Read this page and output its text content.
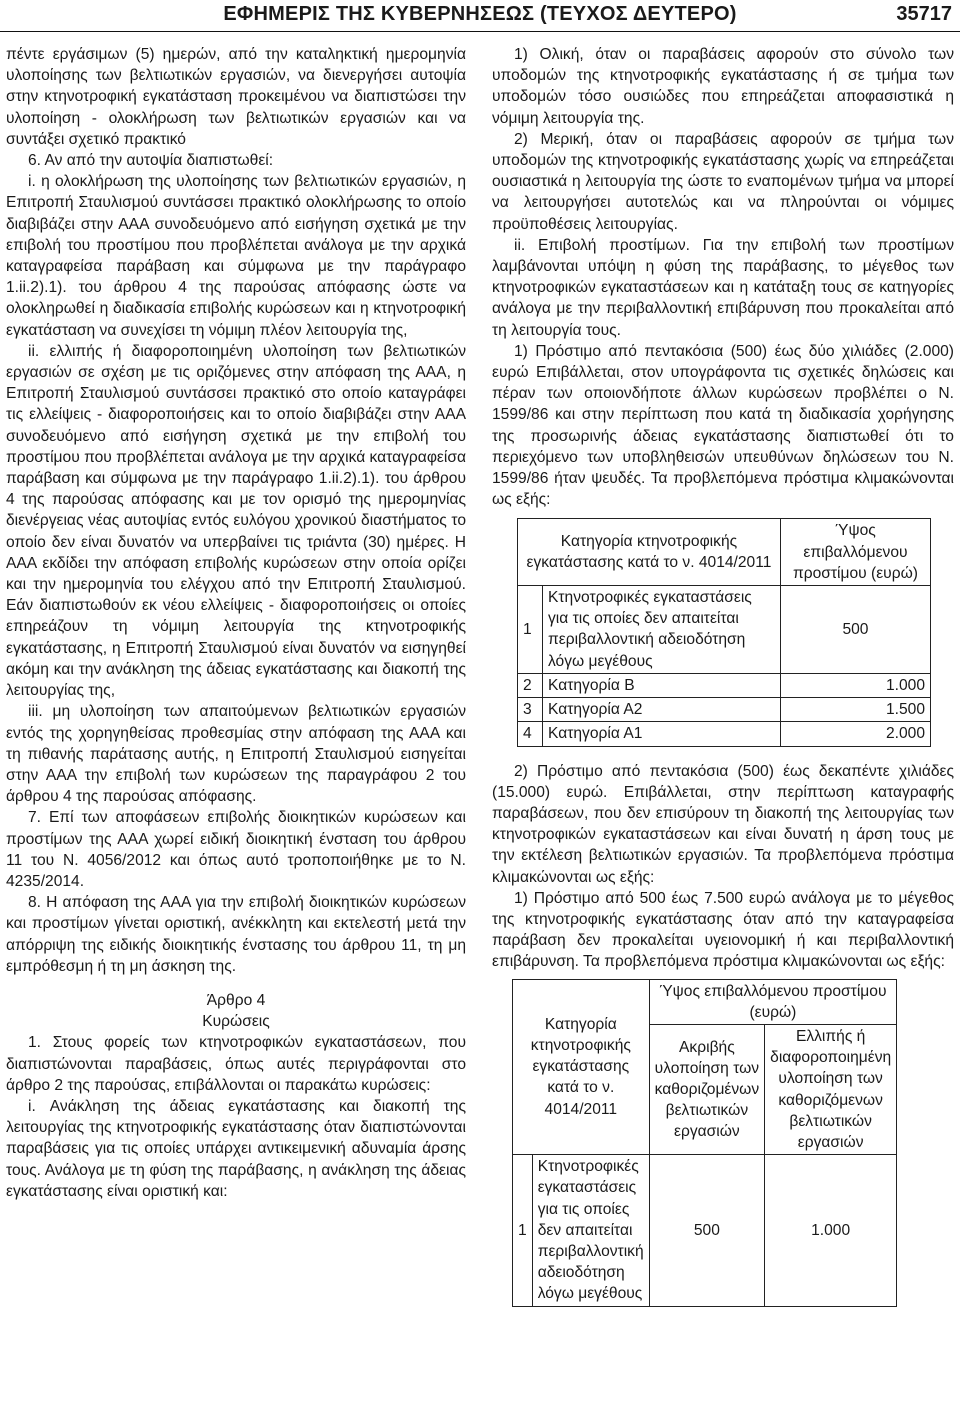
ΕΦΗΜΕΡΙΣ ΤΗΣ ΚΥΒΕΡΝΗΣΕΩΣ (ΤΕΥΧΟΣ ΔΕΥΤΕΡΟ)	35717

πέντε εργάσιμων (5) ημερών, από την καταληκτική ημερομηνία υλοποίησης των βελτιωτικών εργασιών, να διενεργήσει αυτοψία στην κτηνοτροφική εγκατάσταση προκειμένου να διαπιστώσει την υλοποίηση - ολοκλήρωση των βελτιωτικών εργασιών και να συντάξει σχετικό πρακτικό

6. Αν από την αυτοψία διαπιστωθεί:

i. η ολοκλήρωση της υλοποίησης των βελτιωτικών εργασιών, η Επιτροπή Σταυλισμού συντάσσει πρακτικό ολοκλήρωσης το οποίο διαβιβάζει στην ΑΑΑ συνοδευόμενο από εισήγηση σχετικά με την επιβολή του προστίμου που προβλέπεται ανάλογα με την αρχικά καταγραφείσα παράβαση και σύμφωνα με την παράγραφο 1.ii.2).1). του άρθρου 4 της παρούσας απόφασης ώστε να ολοκληρωθεί η διαδικασία επιβολής κυρώσεων και η κτηνοτροφική εγκατάσταση να συνεχίσει τη νόμιμη πλέον λειτουργία της,

ii. ελλιπής ή διαφοροποιημένη υλοποίηση των βελτιωτικών εργασιών σε σχέση με τις οριζόμενες στην απόφαση της ΑΑΑ, η Επιτροπή Σταυλισμού συντάσσει πρακτικό στο οποίο καταγράφει τις ελλείψεις - διαφοροποιήσεις και το οποίο διαβιβάζει στην ΑΑΑ συνοδευόμενο από εισήγηση σχετικά με την επιβολή του προστίμου που προβλέπεται ανάλογα με την αρχικά καταγραφείσα παράβαση και σύμφωνα με την παράγραφο 1.ii.2).1). του άρθρου 4 της παρούσας απόφασης και με τον ορισμό της ημερομηνίας διενέργειας νέας αυτοψίας εντός ευλόγου χρονικού διαστήματος το οποίο δεν είναι δυνατόν να υπερβαίνει τις τριάντα (30) ημέρες. Η ΑΑΑ εκδίδει την απόφαση επιβολής κυρώσεων στην οποία ορίζει και την ημερομηνία του ελέγχου από την Επιτροπή Σταυλισμού. Εάν διαπιστωθούν εκ νέου ελλείψεις - διαφοροποιήσεις οι οποίες επηρεάζουν τη νόμιμη λειτουργία της κτηνοτροφικής εγκατάστασης, η Επιτροπή Σταυλισμού είναι δυνατόν να εισηγηθεί ακόμη και την ανάκληση της άδειας εγκατάστασης και διακοπή της λειτουργίας της,

iii. μη υλοποίηση των απαιτούμενων βελτιωτικών εργασιών εντός της χορηγηθείσας προθεσμίας στην απόφαση της ΑΑΑ και τη πιθανής παράτασης αυτής, η Επιτροπή Σταυλισμού εισηγείται στην ΑΑΑ την επιβολή των κυρώσεων της παραγράφου 2 του άρθρου 4 της παρούσας απόφασης.

7. Επί των αποφάσεων επιβολής διοικητικών κυρώσεων και προστίμων της ΑΑΑ χωρεί ειδική διοικητική ένσταση του άρθρου 11 του Ν. 4056/2012 και όπως αυτό τροποποιήθηκε με το Ν. 4235/2014.

8. Η απόφαση της ΑΑΑ για την επιβολή διοικητικών κυρώσεων και προστίμων γίνεται οριστική, ανέκκλητη και εκτελεστή μετά την απόρριψη της ειδικής διοικητικής ένστασης του άρθρου 11, τη μη εμπρόθεσμη ή τη μη άσκηση της.

Άρθρο 4

Κυρώσεις

1. Στους φορείς των κτηνοτροφικών εγκαταστάσεων, που διαπιστώνονται παραβάσεις, όπως αυτές περιγράφονται στο άρθρο 2 της παρούσας, επιβάλλονται οι παρακάτω κυρώσεις:

i. Ανάκληση της άδειας εγκατάστασης και διακοπή της λειτουργίας της κτηνοτροφικής εγκατάστασης όταν διαπιστώνονται παραβάσεις για τις οποίες υπάρχει αντικειμενική αδυναμία άρσης τους. Ανάλογα με τη φύση της παράβασης, η ανάκληση της άδειας εγκατάστασης είναι οριστική και:

1) Ολική, όταν οι παραβάσεις αφορούν στο σύνολο των υποδομών της κτηνοτροφικής εγκατάστασης ή σε τμήμα των υποδομών τόσο ουσιώδες που επηρεάζεται αποφασιστικά η νόμιμη λειτουργία της.

2) Μερική, όταν οι παραβάσεις αφορούν σε τμήμα των υποδομών της κτηνοτροφικής εγκατάστασης χωρίς να επηρεάζεται ουσιαστικά η λειτουργία της ώστε το εναπομένων τμήμα να μπορεί να λειτουργήσει αυτοτελώς και να πληρούνται οι νόμιμες προϋποθέσεις λειτουργίας.

ii. Επιβολή προστίμων. Για την επιβολή των προστίμων λαμβάνονται υπόψη η φύση της παράβασης, το μέγεθος των κτηνοτροφικών εγκαταστάσεων και η κατάταξη τους σε κατηγορίες ανάλογα με την περιβαλλοντική επιβάρυνση που προκαλείται από τη λειτουργία τους.

1) Πρόστιμο από πεντακόσια (500) έως δύο χιλιάδες (2.000) ευρώ Επιβάλλεται, στον υπογράφοντα τις σχετικές δηλώσεις και πέραν των οποιονδήποτε άλλων κυρώσεων προβλέπει ο Ν. 1599/86 και στην περίπτωση που κατά τη διαδικασία χορήγησης της προσωρινής άδειας εγκατάστασης διαπιστωθεί ότι το περιεχόμενο των υποβληθεισών υπευθύνων δηλώσεων του Ν. 1599/86 ήταν ψευδές. Τα προβλεπόμενα πρόστιμα κλιμακώνονται ως εξής:

Κατηγορία κτηνοτροφικής εγκατάστασης κατά το ν. 4014/2011		Ύψος επιβαλλόμενου προστίμου (ευρώ)
1	Κτηνοτροφικές εγκαταστάσεις για τις οποίες δεν απαιτείται περιβαλλοντική αδειοδότηση λόγω μεγέθους	500
2	Κατηγορία Β	1.000
3	Κατηγορία Α2	1.500
4	Κατηγορία Α1	2.000

2) Πρόστιμο από πεντακόσια (500) έως δεκαπέντε χιλιάδες (15.000) ευρώ. Επιβάλλεται, στην περίπτωση καταγραφής παραβάσεων, που δεν επισύρουν τη διακοπή της λειτουργίας των κτηνοτροφικών εγκαταστάσεων και είναι δυνατή η άρση τους με την εκτέλεση βελτιωτικών εργασιών. Τα προβλεπόμενα πρόστιμα κλιμακώνονται ως εξής:

1) Πρόστιμο από 500 έως 7.500 ευρώ ανάλογα με το μέγεθος της κτηνοτροφικής εγκατάστασης όταν από την καταγραφείσα παράβαση δεν προκαλείται υγειονομική ή και περιβαλλοντική επιβάρυνση. Τα προβλεπόμενα πρόστιμα κλιμακώνονται ως εξής:

Κατηγορία κτηνοτροφικής εγκατάστασης κατά το ν. 4014/2011		Ύψος επιβαλλόμενου προστίμου (ευρώ)	
		Ακριβής υλοποίηση των καθοριζομένων βελτιωτικών εργασιών	Ελλιπής ή διαφοροποιημένη υλοποίηση των καθοριζόμενων βελτιωτικών εργασιών
1	Κτηνοτροφικές εγκαταστάσεις για τις οποίες δεν απαιτείται περιβαλλοντική αδειοδότηση λόγω μεγέθους	500	1.000
